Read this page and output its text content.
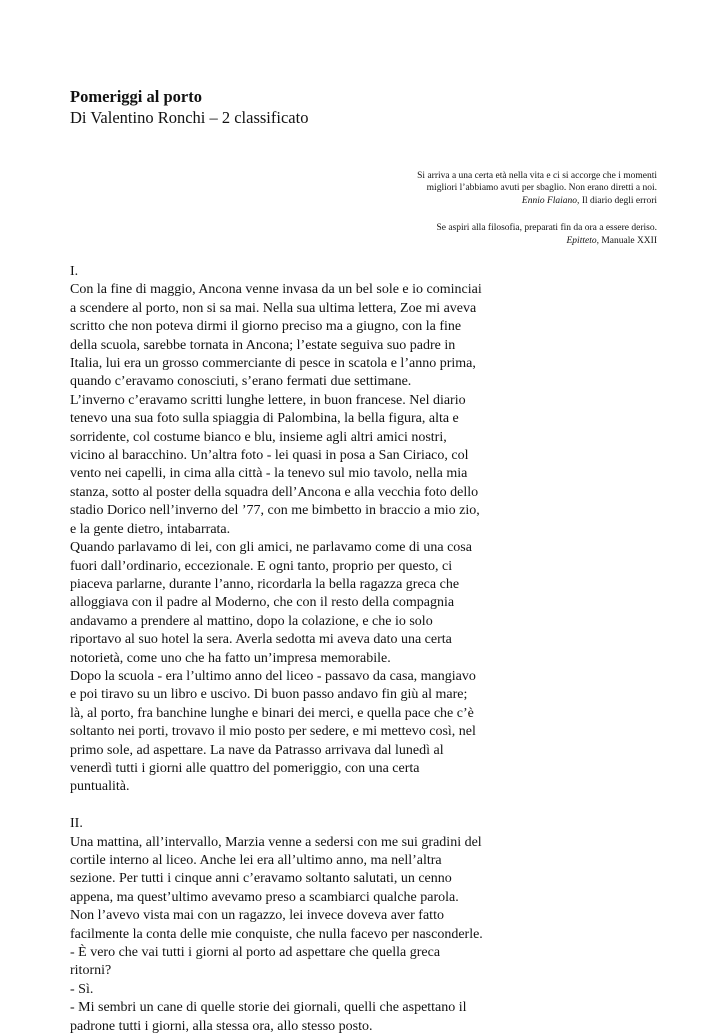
Pomeriggi al porto

Di Valentino Ronchi – 2 classificato

Si arriva a una certa età nella vita e ci si accorge che i momenti
migliori l’abbiamo avuti per sbaglio. Non erano diretti a noi.
Ennio Flaiano, Il diario degli errori
Se aspiri alla filosofia, preparati fin da ora a essere deriso.
Epitteto, Manuale XXII
I.
Con la fine di maggio, Ancona venne invasa da un bel sole e io cominciai
a scendere al porto, non si sa mai. Nella sua ultima lettera, Zoe mi aveva
scritto che non poteva dirmi il giorno preciso ma a giugno, con la fine
della scuola, sarebbe tornata in Ancona; l’estate seguiva suo padre in
Italia, lui era un grosso commerciante di pesce in scatola e l’anno prima,
quando c’eravamo conosciuti, s’erano fermati due settimane.
L’inverno c’eravamo scritti lunghe lettere, in buon francese. Nel diario
tenevo una sua foto sulla spiaggia di Palombina, la bella figura, alta e
sorridente, col costume bianco e blu, insieme agli altri amici nostri,
vicino al baracchino. Un’altra foto - lei quasi in posa a San Ciriaco, col
vento nei capelli, in cima alla città - la tenevo sul mio tavolo, nella mia
stanza, sotto al poster della squadra dell’Ancona e alla vecchia foto dello
stadio Dorico nell’inverno del ’77, con me bimbetto in braccio a mio zio,
e la gente dietro, intabarrata.
Quando parlavamo di lei, con gli amici, ne parlavamo come di una cosa
fuori dall’ordinario, eccezionale. E ogni tanto, proprio per questo, ci
piaceva parlarne, durante l’anno, ricordarla la bella ragazza greca che
alloggiava con il padre al Moderno, che con il resto della compagnia
andavamo a prendere al mattino, dopo la colazione, e che io solo
riportavo al suo hotel la sera. Averla sedotta mi aveva dato una certa
notorietà, come uno che ha fatto un’impresa memorabile.
Dopo la scuola - era l’ultimo anno del liceo - passavo da casa, mangiavo
e poi tiravo su un libro e uscivo. Di buon passo andavo fin giù al mare;
là, al porto, fra banchine lunghe e binari dei merci, e quella pace che c’è
soltanto nei porti, trovavo il mio posto per sedere, e mi mettevo così, nel
primo sole, ad aspettare. La nave da Patrasso arrivava dal lunedì al
venerdì tutti i giorni alle quattro del pomeriggio, con una certa
puntualità.
II.
Una mattina, all’intervallo, Marzia venne a sedersi con me sui gradini del
cortile interno al liceo. Anche lei era all’ultimo anno, ma nell’altra
sezione. Per tutti i cinque anni c’eravamo soltanto salutati, un cenno
appena, ma quest’ultimo avevamo preso a scambiarci qualche parola.
Non l’avevo vista mai con un ragazzo, lei invece doveva aver fatto
facilmente la conta delle mie conquiste, che nulla facevo per nasconderle.
- È vero che vai tutti i giorni al porto ad aspettare che quella greca
ritorni?
- Sì.
- Mi sembri un cane di quelle storie dei giornali, quelli che aspettano il
padrone tutti i giorni, alla stessa ora, allo stesso posto.
